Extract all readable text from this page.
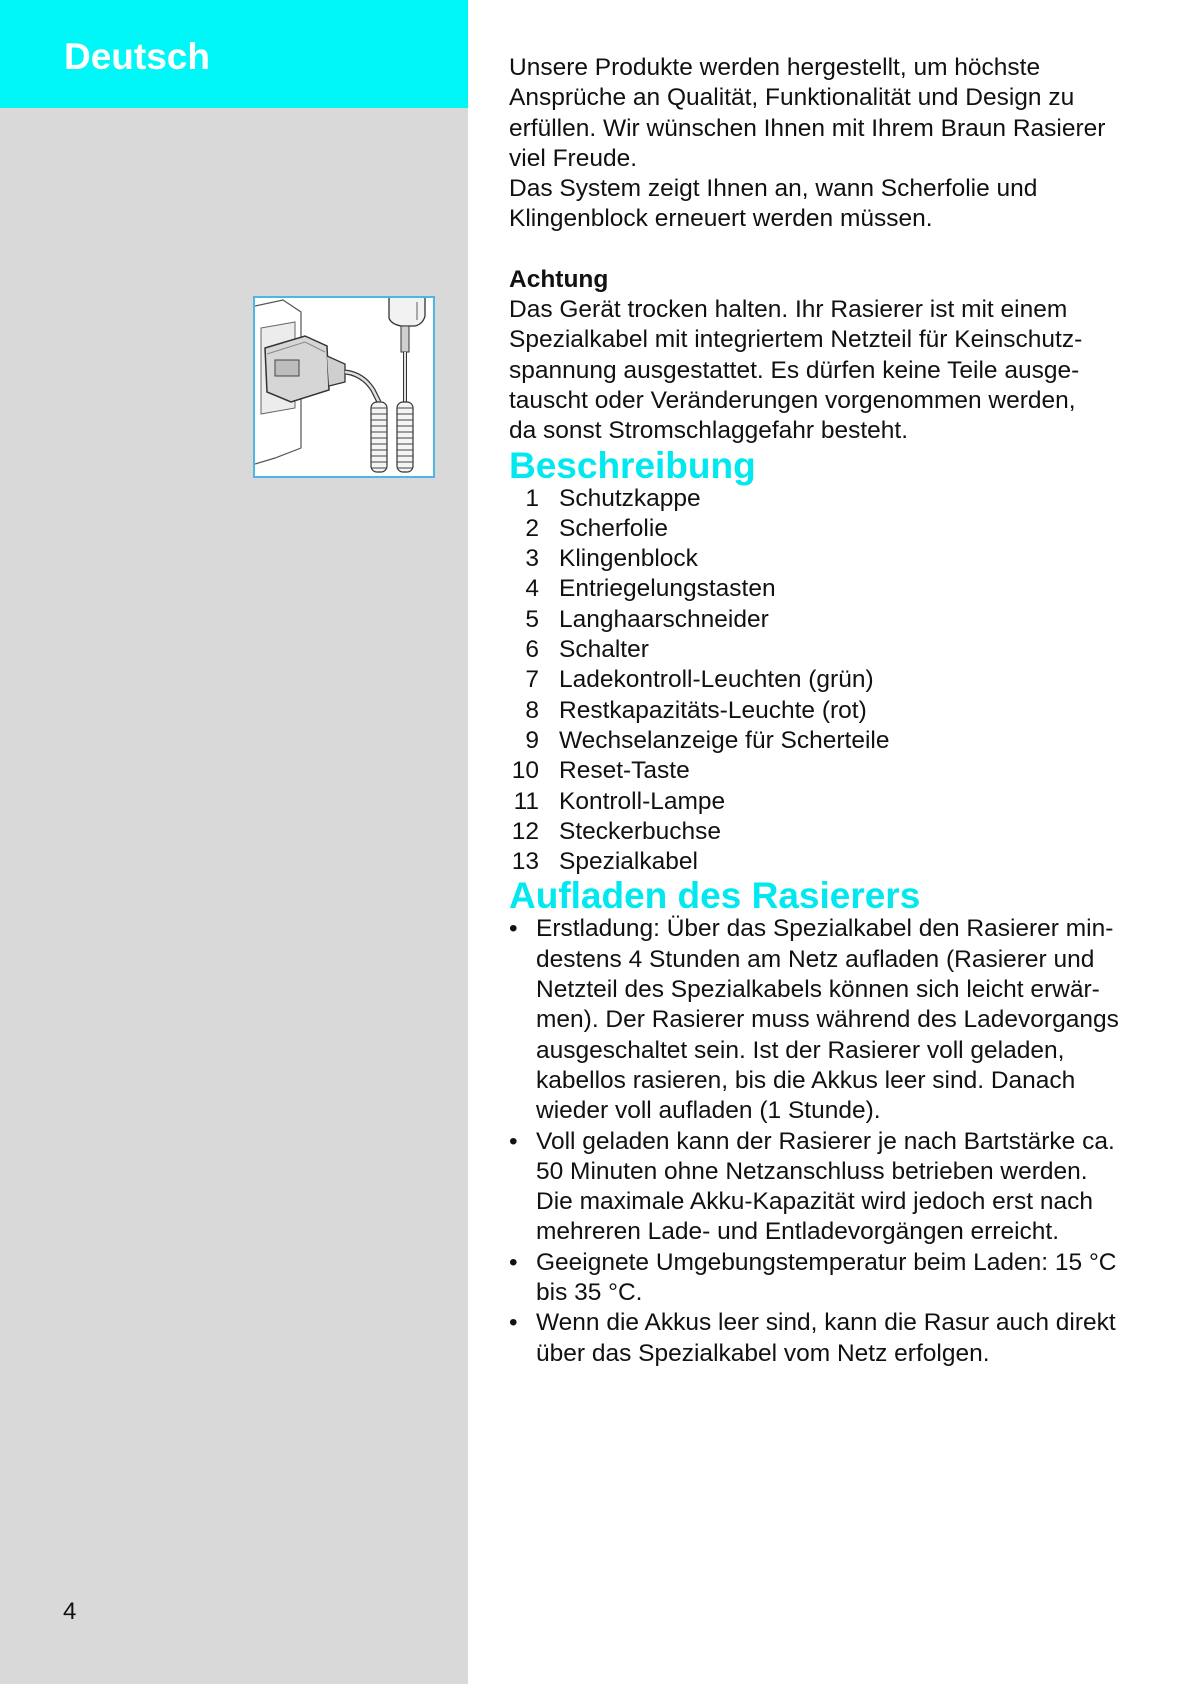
Deutsch
4

Unsere Produkte werden hergestellt, um höchste

Ansprüche an Qualität, Funktionalität und Design zu

erfüllen. Wir wünschen Ihnen mit Ihrem Braun Rasierer

viel Freude.

Das System zeigt Ihnen an, wann Scherfolie und

Klingenblock erneuert werden müssen.

Achtung

Das Gerät trocken halten. Ihr Rasierer ist mit einem

Spezialkabel mit integriertem Netzteil für Keinschutz-

spannung ausgestattet. Es dürfen keine Teile ausge-

tauscht oder Veränderungen vorgenommen werden,

da sonst Stromschlaggefahr besteht.

Beschreibung
1 Schutzkappe
2 Scherfolie
3 Klingenblock
4 Entriegelungstasten
5 Langhaarschneider
6 Schalter
7 Ladekontroll-Leuchten (grün)
8 Restkapazitäts-Leuchte (rot)
9 Wechselanzeige für Scherteile
10 Reset-Taste
11 Kontroll-Lampe
12 Steckerbuchse
13 Spezialkabel
Aufladen des Rasierers
• Erstladung: Über das Spezialkabel den Rasierer min-
destens 4 Stunden am Netz aufladen (Rasierer und
Netzteil des Spezialkabels können sich leicht erwär-
men). Der Rasierer muss während des Ladevorgangs
ausgeschaltet sein. Ist der Rasierer voll geladen,
kabellos rasieren, bis die Akkus leer sind. Danach
wieder voll aufladen (1 Stunde).
• Voll geladen kann der Rasierer je nach Bartstärke ca.
50 Minuten ohne Netzanschluss betrieben werden.
Die maximale Akku-Kapazität wird jedoch erst nach
mehreren Lade- und Entladevorgängen erreicht.
• Geeignete Umgebungstemperatur beim Laden: 15 °C
bis 35 °C.
• Wenn die Akkus leer sind, kann die Rasur auch direkt
über das Spezialkabel vom Netz erfolgen.
